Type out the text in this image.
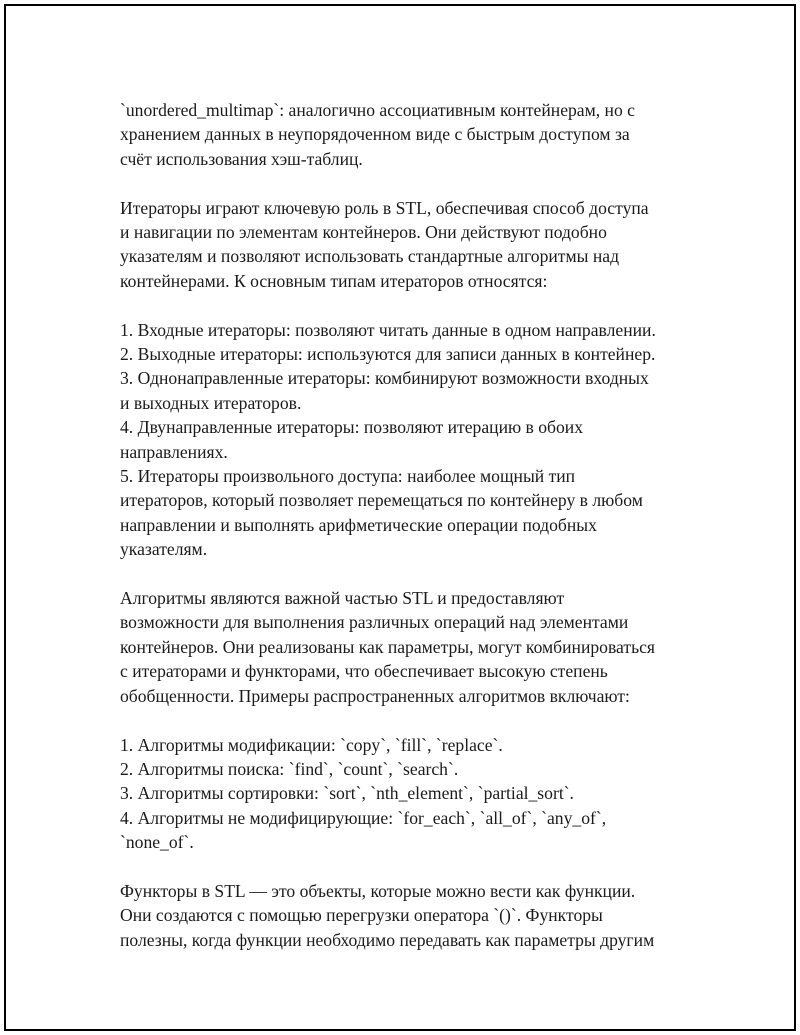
`unordered_multimap`: аналогично ассоциативным контейнерам, но с
хранением данных в неупорядоченном виде с быстрым доступом за
счёт использования хэш-таблиц.

Итераторы играют ключевую роль в STL, обеспечивая способ доступа
и навигации по элементам контейнеров. Они действуют подобно
указателям и позволяют использовать стандартные алгоритмы над
контейнерами. К основным типам итераторов относятся:

1. Входные итераторы: позволяют читать данные в одном направлении.
2. Выходные итераторы: используются для записи данных в контейнер.
3. Однонаправленные итераторы: комбинируют возможности входных
и выходных итераторов.
4. Двунаправленные итераторы: позволяют итерацию в обоих
направлениях.
5. Итераторы произвольного доступа: наиболее мощный тип
итераторов, который позволяет перемещаться по контейнеру в любом
направлении и выполнять арифметические операции подобных
указателям.

Алгоритмы являются важной частью STL и предоставляют
возможности для выполнения различных операций над элементами
контейнеров. Они реализованы как параметры, могут комбинироваться
с итераторами и функторами, что обеспечивает высокую степень
обобщенности. Примеры распространенных алгоритмов включают:

1. Алгоритмы модификации: `copy`, `fill`, `replace`.
2. Алгоритмы поиска: `find`, `count`, `search`.
3. Алгоритмы сортировки: `sort`, `nth_element`, `partial_sort`.
4. Алгоритмы не модифицирующие: `for_each`, `all_of`, `any_of`,
`none_of`.

Функторы в STL — это объекты, которые можно вести как функции.
Они создаются с помощью перегрузки оператора `()`. Функторы
полезны, когда функции необходимо передавать как параметры другим
